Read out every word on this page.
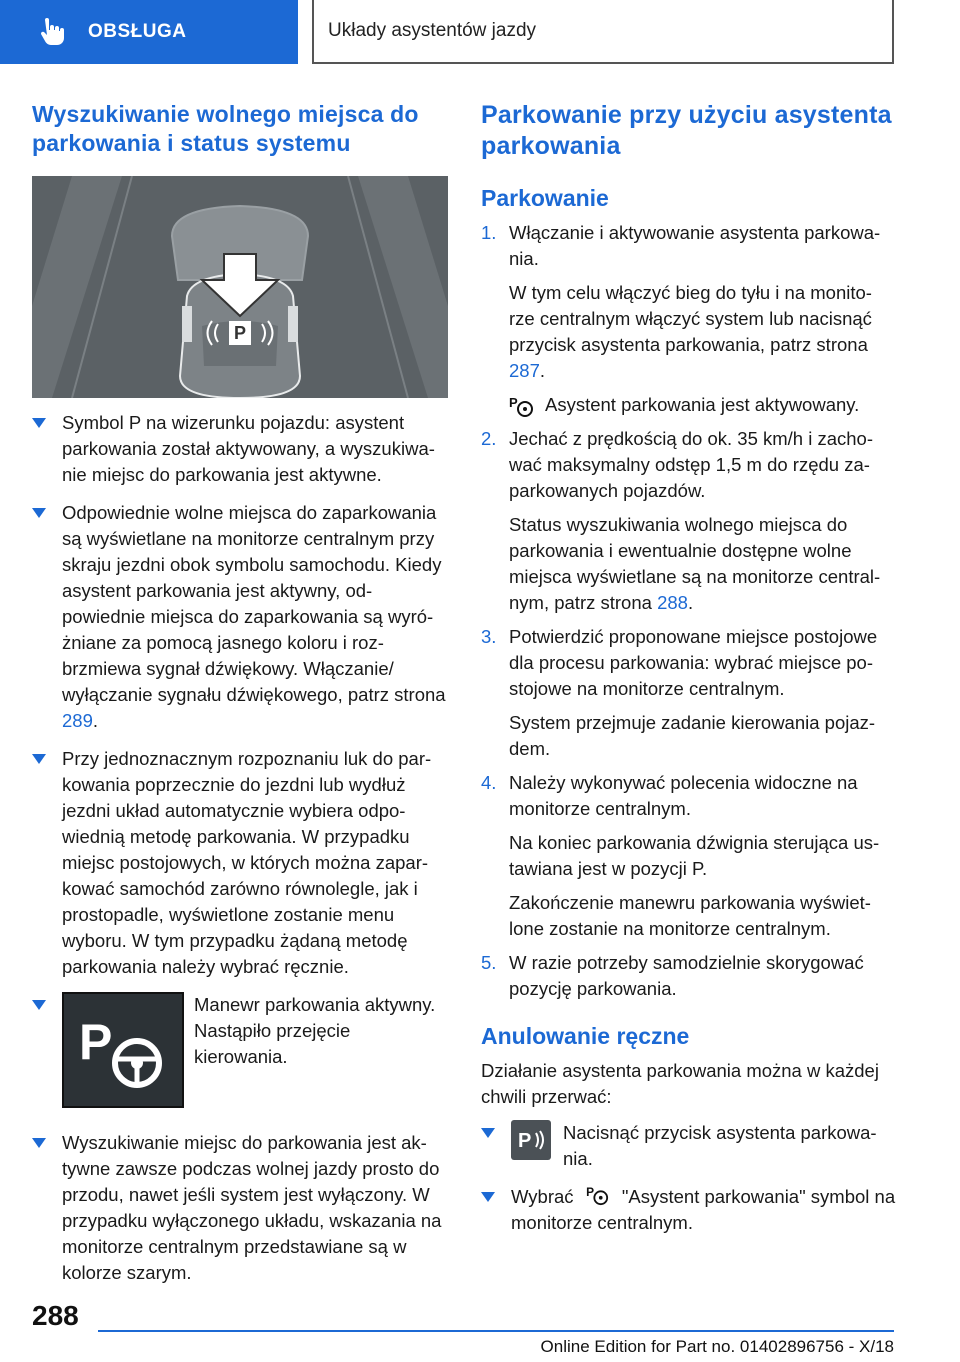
OBSŁUGA	Układy asystentów jazdy
Wyszukiwanie wolnego miejsca do parkowania i status systemu
P
Symbol P na wizerunku pojazdu: asystent parkowania został aktywowany, a wyszukiwa-nie miejsc do parkowania jest aktywne.
Odpowiednie wolne miejsca do zaparkowania są wyświetlane na monitorze centralnym przy skraju jezdni obok symbolu samochodu. Kiedy asystent parkowania jest aktywny, od-powiednie miejsca do zaparkowania są wyró-żniane za pomocą jasnego koloru i roz-brzmiewa sygnał dźwiękowy. Włączanie/ wyłączanie sygnału dźwiękowego, patrz strona 289.
Przy jednoznacznym rozpoznaniu luk do par-kowania poprzecznie do jezdni lub wydłuż jezdni układ automatycznie wybiera odpo-wiednią metodę parkowania. W przypadku miejsc postojowych, w których można zapar-kować samochód zarówno równolegle, jak i prostopadle, wyświetlone zostanie menu wyboru. W tym przypadku żądaną metodę parkowania należy wybrać ręcznie.
P
Manewr parkowania aktywny. Nastąpiło przejęcie kierowania.
Wyszukiwanie miejsc do parkowania jest ak-tywne zawsze podczas wolnej jazdy prosto do przodu, nawet jeśli system jest wyłączony. W przypadku wyłączonego układu, wskazania na monitorze centralnym przedstawiane są w kolorze szarym.
Parkowanie przy użyciu asystenta parkowania
Parkowanie
1. Włączanie i aktywowanie asystenta parkowa-nia.
W tym celu włączyć bieg do tyłu i na monito-rze centralnym włączyć system lub nacisnąć przycisk asystenta parkowania, patrz strona 287.
P Asystent parkowania jest aktywowany.
2. Jechać z prędkością do ok. 35 km/h i zacho-wać maksymalny odstęp 1,5 m do rzędu za-parkowanych pojazdów.
Status wyszukiwania wolnego miejsca do parkowania i ewentualnie dostępne wolne miejsca wyświetlane są na monitorze central-nym, patrz strona 288.
3. Potwierdzić proponowane miejsce postojowe dla procesu parkowania: wybrać miejsce po-stojowe na monitorze centralnym.
System przejmuje zadanie kierowania pojaz-dem.
4. Należy wykonywać polecenia widoczne na monitorze centralnym.
Na koniec parkowania dźwignia sterująca us-tawiana jest w pozycji P.
Zakończenie manewru parkowania wyświet-lone zostanie na monitorze centralnym.
5. W razie potrzeby samodzielnie skorygować pozycję parkowania.
Anulowanie ręczne
Działanie asystenta parkowania można w każdej chwili przerwać:
P Nacisnąć przycisk asystenta parkowa-nia.
Wybrać P "Asystent parkowania" symbol na monitorze centralnym.
288
Online Edition for Part no. 01402896756 - X/18
